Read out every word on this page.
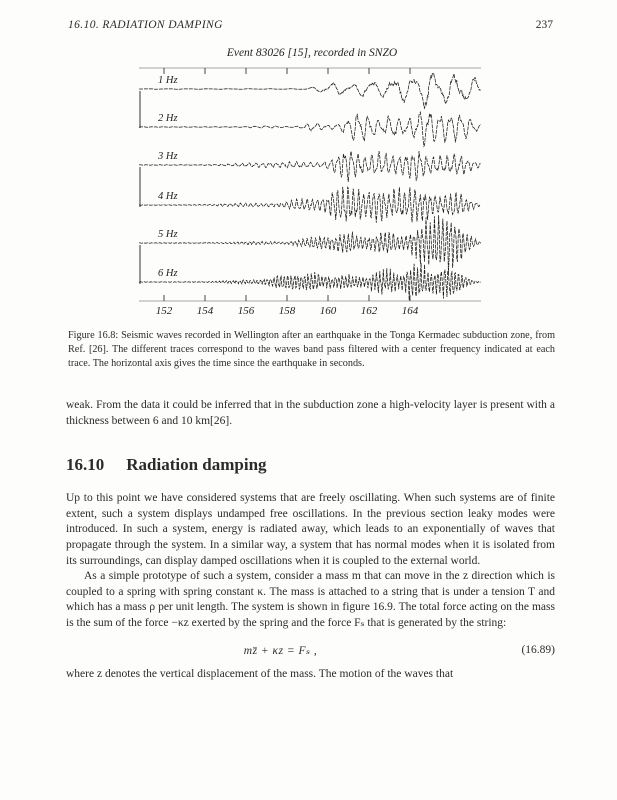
16.10. RADIATION DAMPING	237
Event 83026 [15], recorded in SNZO
1 Hz
2 Hz
3 Hz
4 Hz
5 Hz
6 Hz
152 154 156 158 160 162 164
Figure 16.8: Seismic waves recorded in Wellington after an earthquake in the Tonga Kermadec subduction zone, from Ref. [26]. The different traces correspond to the waves band pass filtered with a center frequency indicated at each trace. The horizontal axis gives the time since the earthquake in seconds.

weak. From the data it could be inferred that in the subduction zone a high-velocity layer is present with a thickness between 6 and 10 km[26].

16.10 Radiation damping

Up to this point we have considered systems that are freely oscillating. When such systems are of finite extent, such a system displays undamped free oscillations. In the previous section leaky modes were introduced. In such a system, energy is radiated away, which leads to an exponentially of waves that propagate through the system. In a similar way, a system that has normal modes when it is isolated from its surroundings, can display damped oscillations when it is coupled to the external world.

As a simple prototype of such a system, consider a mass m that can move in the z direction which is coupled to a spring with spring constant κ. The mass is attached to a string that is under a tension T and which has a mass ρ per unit length. The system is shown in figure 16.9. The total force acting on the mass is the sum of the force −κz exerted by the spring and the force Fₛ that is generated by the string:

mz̈ + κz = Fₛ ,	(16.89)

where z denotes the vertical displacement of the mass. The motion of the waves that
